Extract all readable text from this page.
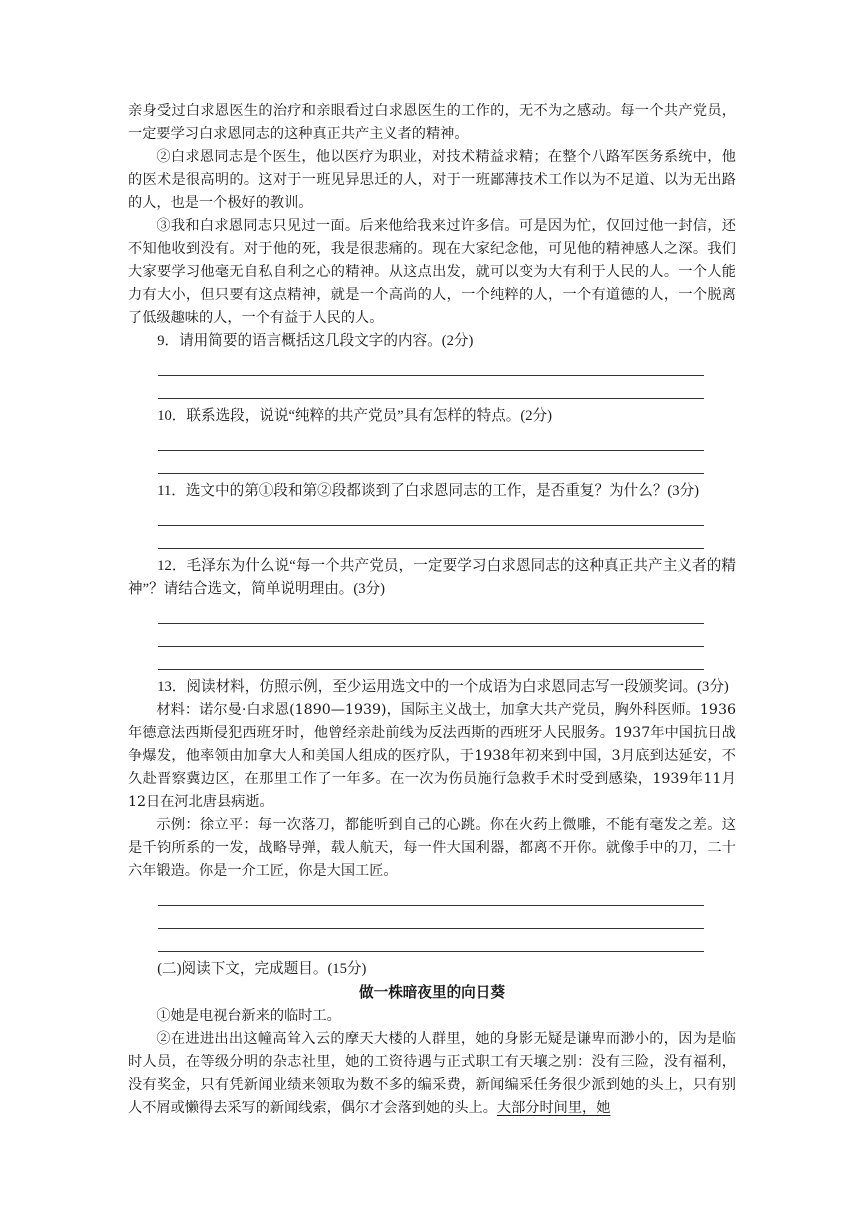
亲身受过白求恩医生的治疗和亲眼看过白求恩医生的工作的，无不为之感动。每一个共产党员，一定要学习白求恩同志的这种真正共产主义者的精神。

②白求恩同志是个医生，他以医疗为职业，对技术精益求精；在整个八路军医务系统中，他的医术是很高明的。这对于一班见异思迁的人，对于一班鄙薄技术工作以为不足道、以为无出路的人，也是一个极好的教训。

③我和白求恩同志只见过一面。后来他给我来过许多信。可是因为忙，仅回过他一封信，还不知他收到没有。对于他的死，我是很悲痛的。现在大家纪念他，可见他的精神感人之深。我们大家要学习他毫无自私自利之心的精神。从这点出发，就可以变为大有利于人民的人。一个人能力有大小，但只要有这点精神，就是一个高尚的人，一个纯粹的人，一个有道德的人，一个脱离了低级趣味的人，一个有益于人民的人。

9．请用简要的语言概括这几段文字的内容。(2分)

10．联系选段，说说“纯粹的共产党员”具有怎样的特点。(2分)

11．选文中的第①段和第②段都谈到了白求恩同志的工作，是否重复？为什么？(3分)

12．毛泽东为什么说“每一个共产党员，一定要学习白求恩同志的这种真正共产主义者的精神”？请结合选文，简单说明理由。(3分)

13．阅读材料，仿照示例，至少运用选文中的一个成语为白求恩同志写一段颁奖词。(3分)

材料：诺尔曼·白求恩(1890—1939)，国际主义战士，加拿大共产党员，胸外科医师。1936年德意法西斯侵犯西班牙时，他曾经亲赴前线为反法西斯的西班牙人民服务。1937年中国抗日战争爆发，他率领由加拿大人和美国人组成的医疗队，于1938年初来到中国，3月底到达延安，不久赴晋察冀边区，在那里工作了一年多。在一次为伤员施行急救手术时受到感染，1939年11月12日在河北唐县病逝。

示例：徐立平：每一次落刀，都能听到自己的心跳。你在火药上微雕，不能有毫发之差。这是千钧所系的一发，战略导弹，载人航天，每一件大国利器，都离不开你。就像手中的刀，二十六年锻造。你是一介工匠，你是大国工匠。

(二)阅读下文，完成题目。(15分)

做一株暗夜里的向日葵

①她是电视台新来的临时工。

②在进进出出这幢高耸入云的摩天大楼的人群里，她的身影无疑是谦卑而渺小的，因为是临时人员，在等级分明的杂志社里，她的工资待遇与正式职工有天壤之别：没有三险，没有福利，没有奖金，只有凭新闻业绩来领取为数不多的编采费，新闻编采任务很少派到她的头上，只有别人不屑或懒得去采写的新闻线索，偶尔才会落到她的头上。大部分时间里，她
